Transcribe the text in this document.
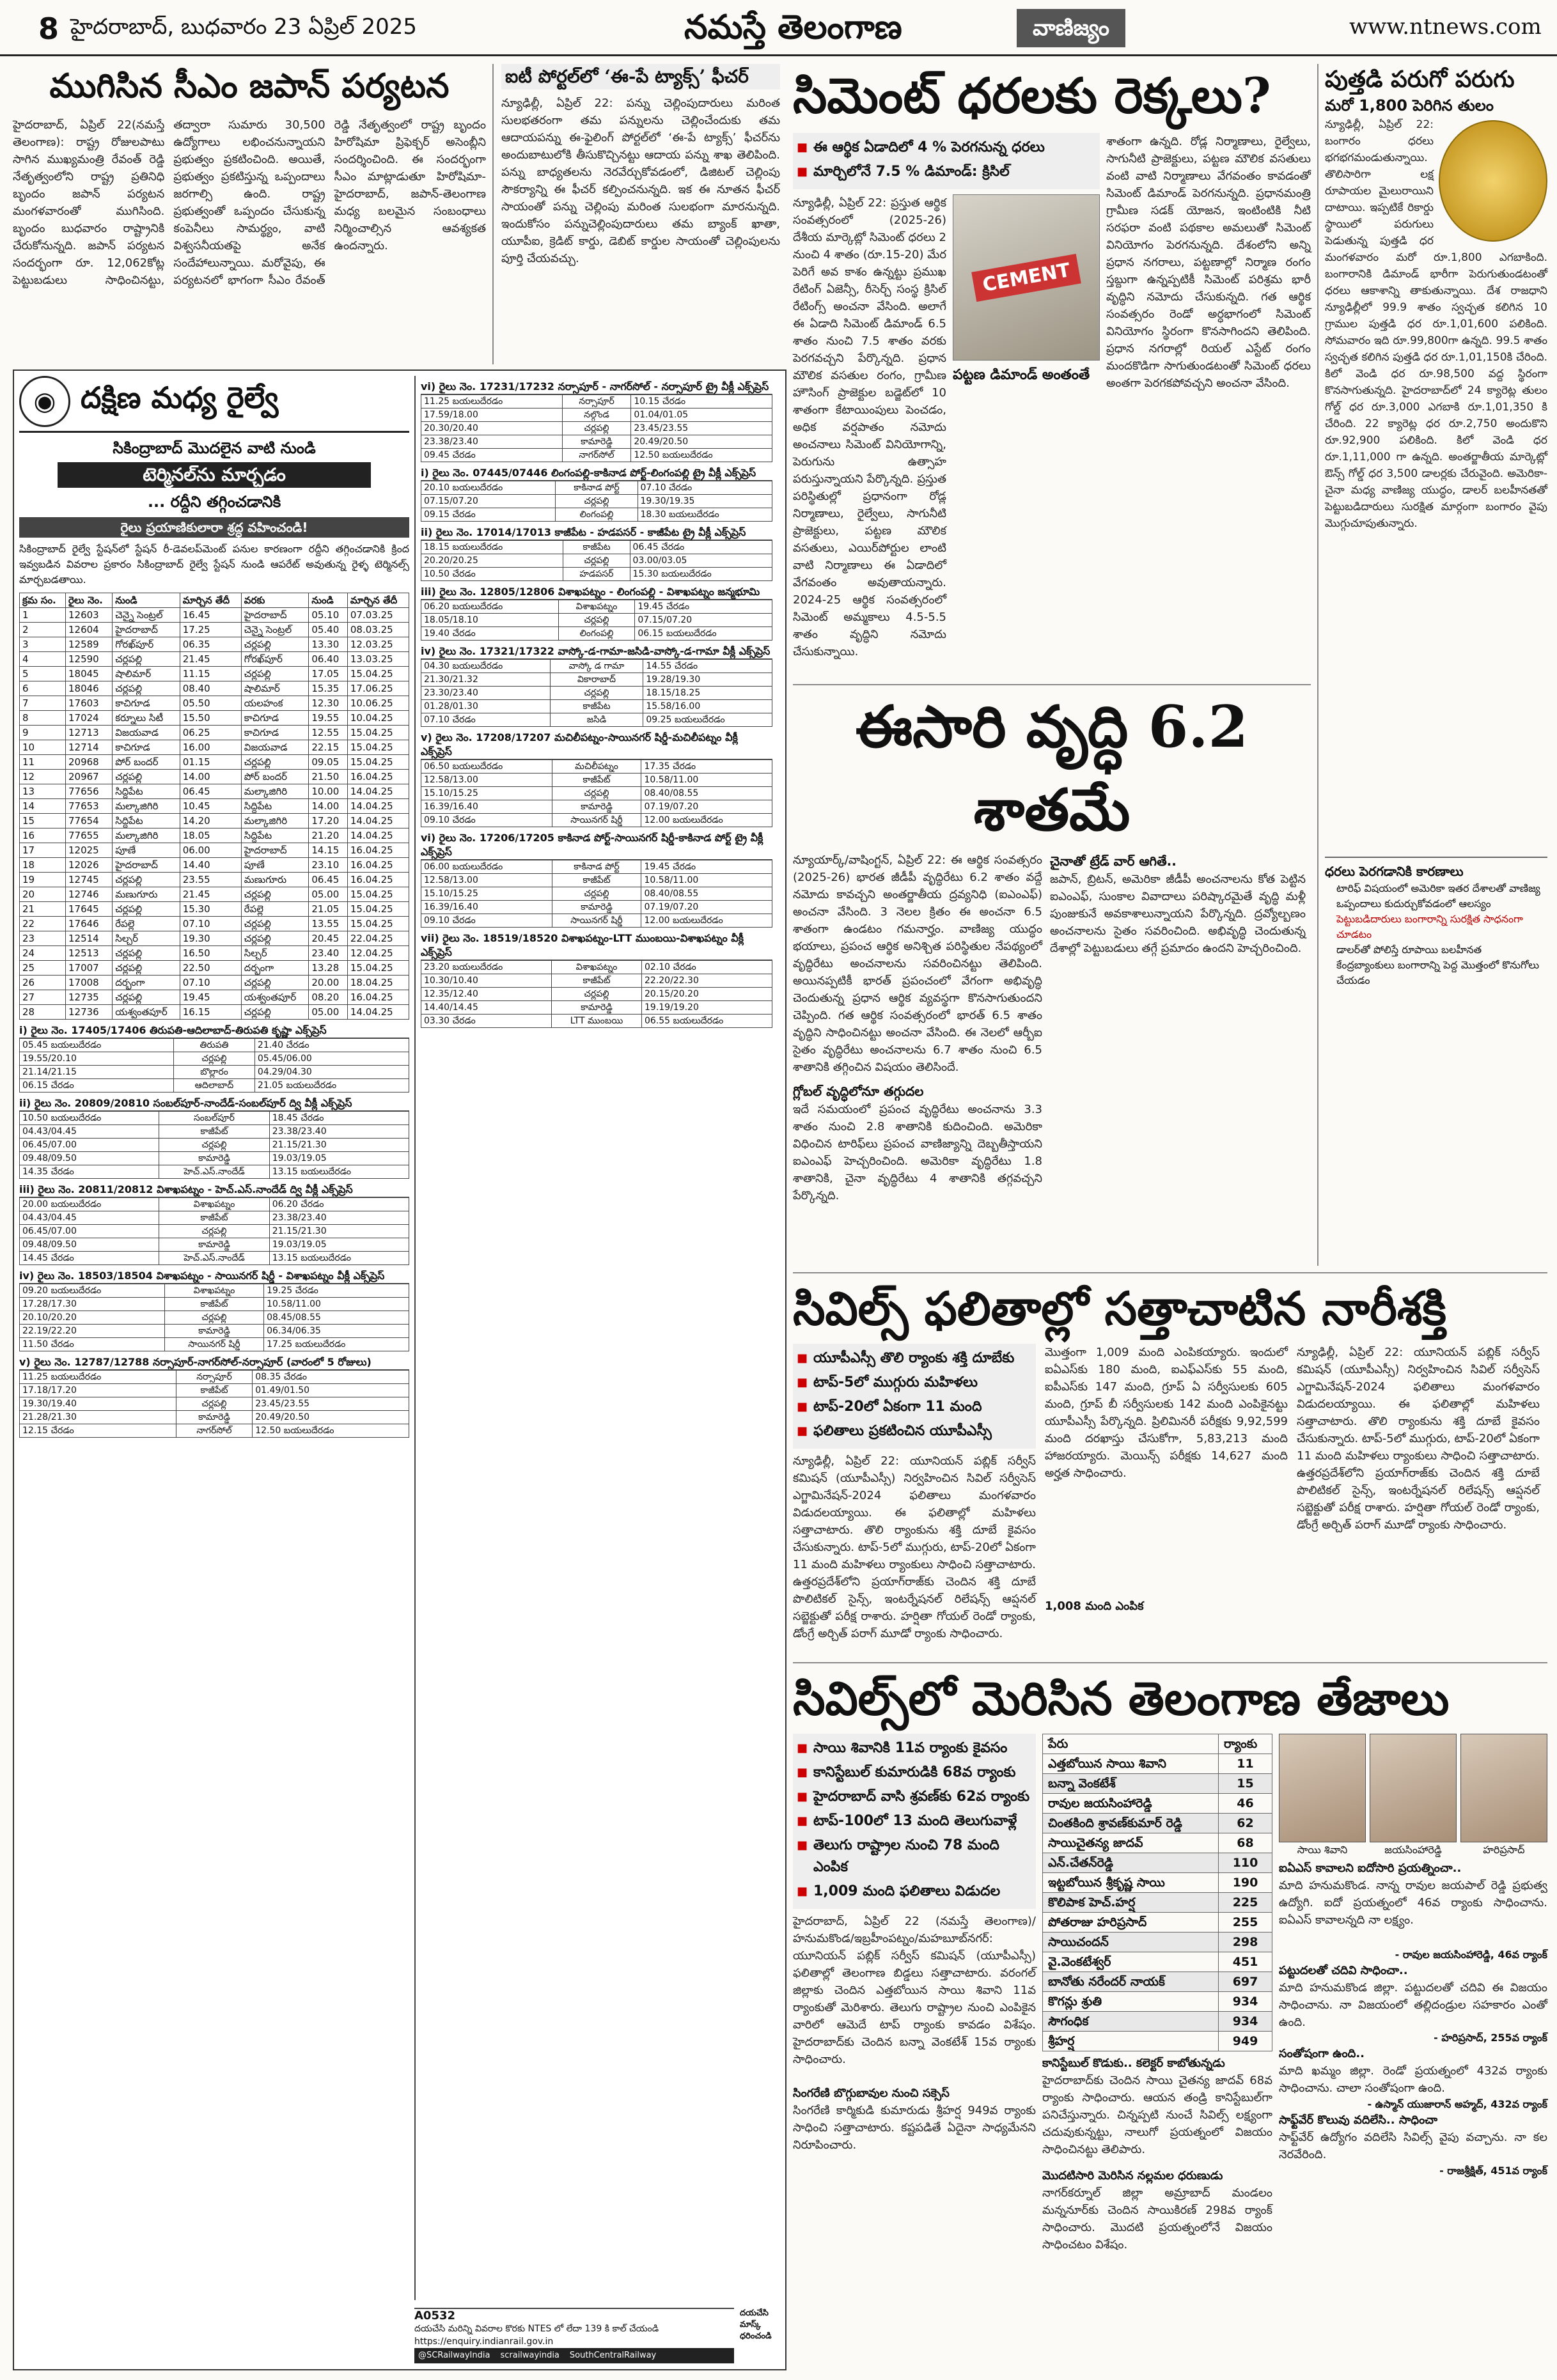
8 హైదరాబాద్, బుధవారం 23 ఏప్రిల్ 2025	నమస్తే తెలంగాణ	వాణిజ్యం	www.ntnews.com
ముగిసిన సీఎం జపాన్ పర్యటన
హైదరాబాద్, ఏప్రిల్ 22(నమస్తే తెలంగాణ): రాష్ట్ర రోజులపాటు సాగిన ముఖ్యమంత్రి రేవంత్ రెడ్డి నేతృత్వంలోని రాష్ట్ర ప్రతినిధి బృందం జపాన్ పర్యటన మంగళవారంతో ముగిసింది. బృందం బుధవారం రాష్ట్రానికి చేరుకోనున్నది. జపాన్ పర్యటన సందర్భంగా రూ. 12,062కోట్ల పెట్టుబడులు సాధించినట్టు, తద్వారా సుమారు 30,500 ఉద్యోగాలు లభించనున్నాయని ప్రభుత్వం ప్రకటించింది. అయితే, ప్రభుత్వం ప్రకటిస్తున్న ఒప్పందాలు జరగాల్సి ఉంది. రాష్ట్ర ప్రభుత్వంతో ఒప్పందం చేసుకున్న కంపెనీలు సామర్థ్యం, వాటి విశ్వసనీయతపై అనేక సందేహాలున్నాయి. మరోవైపు, ఈ పర్యటనలో భాగంగా సీఎం రేవంత్ రెడ్డి నేతృత్వంలో రాష్ట్ర బృందం హిరోషిమా ప్రిఫెక్చర్ అసెంబ్లీని సందర్శించింది. ఈ సందర్భంగా సీఎం మాట్లాడుతూ హిరోషిమా-హైదరాబాద్, జపాన్-తెలంగాణ మధ్య బలమైన సంబంధాలు నిర్మించాల్సిన ఆవశ్యకత ఉందన్నారు.
ఐటీ పోర్టల్‌లో ‘ఈ-పే ట్యాక్స్’ ఫీచర్
న్యూఢిల్లీ, ఏప్రిల్ 22: పన్ను చెల్లింపుదారులు మరింత సులభతరంగా తమ పన్నులను చెల్లించేందుకు తమ ఆదాయపన్ను ఈ-ఫైలింగ్ పోర్టల్‌లో ‘ఈ-పే ట్యాక్స్’ ఫీచర్‌ను అందుబాటులోకి తీసుకొచ్చినట్టు ఆదాయ పన్ను శాఖ తెలిపింది. పన్ను బాధ్యతలను నెరవేర్చుకోవడంలో, డిజిటల్ చెల్లింపు సౌకర్యాన్ని ఈ ఫీచర్ కల్పించనున్నది. ఇక ఈ నూతన ఫీచర్ సాయంతో పన్ను చెల్లింపు మరింత సులభంగా మారనున్నది. ఇందుకోసం పన్నుచెల్లింపుదారులు తమ బ్యాంక్ ఖాతా, యూపీఐ, క్రెడిట్ కార్డు, డెబిట్ కార్డుల సాయంతో చెల్లింపులను పూర్తి చేయవచ్చు.
◉ దక్షిణ మధ్య రైల్వే
సికింద్రాబాద్ మొదలైన వాటి నుండి
టెర్మినల్‌ను మార్చడం
... రద్దీని తగ్గించడానికి
రైలు ప్రయాణికులారా శ్రద్ధ వహించండి!
సికింద్రాబాద్ రైల్వే స్టేషన్‌లో స్టేషన్ రీ-డెవలప్‌మెంట్ పనుల కారణంగా రద్దీని తగ్గించడానికి క్రింద ఇవ్వబడిన వివరాల ప్రకారం సికింద్రాబాద్ రైల్వే స్టేషన్ నుండి ఆపరేట్ అవుతున్న రైళ్ళ టెర్మినల్స్ మార్చబడతాయి.
క్రమ సం.	రైలు నెం.	నుండి	మార్చిన తేదీ	వరకు	నుండి	మార్చిన తేదీ
1	12603	చెన్నై సెంట్రల్	16.45	హైదరాబాద్	05.10	07.03.25
2	12604	హైదరాబాద్	17.25	చెన్నై సెంట్రల్	05.40	08.03.25
3	12589	గోరఖ్‌పూర్	06.35	చర్లపల్లి	13.30	12.03.25
4	12590	చర్లపల్లి	21.45	గోరఖ్‌పూర్	06.40	13.03.25
5	18045	షాలిమార్	11.15	చర్లపల్లి	17.05	15.04.25
6	18046	చర్లపల్లి	08.40	షాలిమార్	15.35	17.06.25
7	17603	కాచిగూడ	05.50	యలహంక	12.30	10.06.25
8	17024	కర్నూలు సిటీ	15.50	కాచిగూడ	19.55	10.04.25
9	12713	విజయవాడ	06.25	కాచిగూడ	12.55	15.04.25
10	12714	కాచిగూడ	16.00	విజయవాడ	22.15	15.04.25
11	20968	పోర్ బందర్	01.15	చర్లపల్లి	09.05	15.04.25
12	20967	చర్లపల్లి	14.00	పోర్ బందర్	21.50	16.04.25
13	77656	సిద్దిపేట	06.45	మల్కాజిగిరి	10.00	14.04.25
14	77653	మల్కాజిగిరి	10.45	సిద్దిపేట	14.00	14.04.25
15	77654	సిద్దిపేట	14.20	మల్కాజిగిరి	17.20	14.04.25
16	77655	మల్కాజిగిరి	18.05	సిద్దిపేట	21.20	14.04.25
17	12025	పూణే	06.00	హైదరాబాద్	14.15	16.04.25
18	12026	హైదరాబాద్	14.40	పూణే	23.10	16.04.25
19	12745	చర్లపల్లి	23.55	మణుగూరు	06.45	16.04.25
20	12746	మణుగూరు	21.45	చర్లపల్లి	05.00	15.04.25
21	17645	చర్లపల్లి	15.30	రేపల్లె	21.05	15.04.25
22	17646	రేపల్లె	07.10	చర్లపల్లి	13.55	15.04.25
23	12514	సిల్చర్	19.30	చర్లపల్లి	20.45	22.04.25
24	12513	చర్లపల్లి	16.50	సిల్చర్	23.40	12.04.25
25	17007	చర్లపల్లి	22.50	దర్భంగా	13.28	15.04.25
26	17008	దర్భంగా	07.10	చర్లపల్లి	20.00	18.04.25
27	12735	చర్లపల్లి	19.45	యశ్వంతపూర్	08.20	16.04.25
28	12736	యశ్వంతపూర్	16.15	చర్లపల్లి	05.00	14.04.25
i) రైలు నెం. 17405/17406 తిరుపతి-ఆదిలాబాద్-తిరుపతి కృష్ణా ఎక్స్‌ప్రెస్
05.45 బయలుదేరడం	తిరుపతి	21.40 చేరడం
19.55/20.10	చర్లపల్లి	05.45/06.00
21.14/21.15	బొల్లారం	04.29/04.30
06.15 చేరడం	ఆదిలాబాద్	21.05 బయలుదేరడం
ii) రైలు నెం. 20809/20810 సంబల్‌పూర్-నాందేడ్-సంబల్‌పూర్ ద్వి వీక్లీ ఎక్స్‌ప్రెస్
10.50 బయలుదేరడం	సంబల్‌పూర్	18.45 చేరడం
04.43/04.45	కాజీపేట్	23.38/23.40
06.45/07.00	చర్లపల్లి	21.15/21.30
09.48/09.50	కామారెడ్డి	19.03/19.05
14.35 చేరడం	హెచ్.ఎస్.నాందేడ్	13.15 బయలుదేరడం
iii) రైలు నెం. 20811/20812 విశాఖపట్నం - హెచ్.ఎస్.నాందేడ్ ద్వి వీక్లీ ఎక్స్‌ప్రెస్
20.00 బయలుదేరడం	విశాఖపట్నం	06.20 చేరడం
04.43/04.45	కాజీపేట్	23.38/23.40
06.45/07.00	చర్లపల్లి	21.15/21.30
09.48/09.50	కామారెడ్డి	19.03/19.05
14.45 చేరడం	హెచ్.ఎస్.నాందేడ్	13.15 బయలుదేరడం
iv) రైలు నెం. 18503/18504 విశాఖపట్నం - సాయినగర్ షిర్డీ - విశాఖపట్నం వీక్లీ ఎక్స్‌ప్రెస్
09.20 బయలుదేరడం	విశాఖపట్నం	19.25 చేరడం
17.28/17.30	కాజీపేట్	10.58/11.00
20.10/20.20	చర్లపల్లి	08.45/08.55
22.19/22.20	కామారెడ్డి	06.34/06.35
11.50 చేరడం	సాయినగర్ షిర్డీ	17.25 బయలుదేరడం
v) రైలు నెం. 12787/12788 నర్సాపూర్-నాగర్‌సోల్-నర్సాపూర్ (వారంలో 5 రోజులు)
11.25 బయలుదేరడం	నర్సాపూర్	08.35 చేరడం
17.18/17.20	కాజీపేట్	01.49/01.50
19.30/19.40	చర్లపల్లి	23.45/23.55
21.28/21.30	కామారెడ్డి	20.49/20.50
12.15 చేరడం	నాగర్‌సోల్	12.50 బయలుదేరడం
vi) రైలు నెం. 17231/17232 నర్సాపూర్ - నాగర్‌సోల్ - నర్సాపూర్ ట్రై వీక్లీ ఎక్స్‌ప్రెస్
11.25 బయలుదేరడం	నర్సాపూర్	10.15 చేరడం
17.59/18.00	నల్గొండ	01.04/01.05
20.30/20.40	చర్లపల్లి	23.45/23.55
23.38/23.40	కామారెడ్డి	20.49/20.50
09.45 చేరడం	నాగర్‌సోల్	12.50 బయలుదేరడం
i) రైలు నెం. 07445/07446 లింగంపల్లి-కాకినాడ పోర్ట్-లింగంపల్లి ట్రై వీక్లీ ఎక్స్‌ప్రెస్
20.10 బయలుదేరడం	కాకినాడ పోర్ట్	07.10 చేరడం
07.15/07.20	చర్లపల్లి	19.30/19.35
09.15 చేరడం	లింగంపల్లి	18.30 బయలుదేరడం
ii) రైలు నెం. 17014/17013 కాజీపేట - హడపసర్ - కాజీపేట ట్రై వీక్లీ ఎక్స్‌ప్రెస్
18.15 బయలుదేరడం	కాజీపేట	06.45 చేరడం
20.20/20.25	చర్లపల్లి	03.00/03.05
10.50 చేరడం	హడపసర్	15.30 బయలుదేరడం
iii) రైలు నెం. 12805/12806 విశాఖపట్నం - లింగంపల్లి - విశాఖపట్నం జన్మభూమి
06.20 బయలుదేరడం	విశాఖపట్నం	19.45 చేరడం
18.05/18.10	చర్లపల్లి	07.15/07.20
19.40 చేరడం	లింగంపల్లి	06.15 బయలుదేరడం
iv) రైలు నెం. 17321/17322 వాస్కో-డ-గామా-జసిడి-వాస్కో-డ-గామా వీక్లీ ఎక్స్‌ప్రెస్
04.30 బయలుదేరడం	వాస్కో డ గామా	14.55 చేరడం
21.30/21.32	వికారాబాద్	19.28/19.30
23.30/23.40	చర్లపల్లి	18.15/18.25
01.28/01.30	కాజీపేట	15.58/16.00
07.10 చేరడం	జసిడి	09.25 బయలుదేరడం
v) రైలు నెం. 17208/17207 మచిలీపట్నం-సాయినగర్ షిర్డీ-మచిలీపట్నం వీక్లీ ఎక్స్‌ప్రెస్
06.50 బయలుదేరడం	మచిలీపట్నం	17.35 చేరడం
12.58/13.00	కాజీపేట్	10.58/11.00
15.10/15.25	చర్లపల్లి	08.40/08.55
16.39/16.40	కామారెడ్డి	07.19/07.20
09.10 చేరడం	సాయినగర్ షిర్డీ	12.00 బయలుదేరడం
vi) రైలు నెం. 17206/17205 కాకినాడ పోర్ట్-సాయినగర్ షిర్డీ-కాకినాడ పోర్ట్ ట్రై వీక్లీ ఎక్స్‌ప్రెస్
06.00 బయలుదేరడం	కాకినాడ పోర్ట్	19.45 చేరడం
12.58/13.00	కాజీపేట్	10.58/11.00
15.10/15.25	చర్లపల్లి	08.40/08.55
16.39/16.40	కామారెడ్డి	07.19/07.20
09.10 చేరడం	సాయినగర్ షిర్డీ	12.00 బయలుదేరడం
vii) రైలు నెం. 18519/18520 విశాఖపట్నం-LTT ముంబయి-విశాఖపట్నం వీక్లీ ఎక్స్‌ప్రెస్
23.20 బయలుదేరడం	విశాఖపట్నం	02.10 చేరడం
10.30/10.40	కాజీపేట్	22.20/22.30
12.35/12.40	చర్లపల్లి	20.15/20.20
14.40/14.45	కామారెడ్డి	19.19/19.20
03.30 చేరడం	LTT ముంబయి	06.55 బయలుదేరడం
A0532
దయచేసి మరిన్ని వివరాల కొరకు NTES లో లేదా 139 కి కాల్ చేయండి https://enquiry.indianrail.gov.in
@SCRailwayIndia scrailwayindia SouthCentralRailway
దయచేసి మాస్క్ ధరించండి
సిమెంట్ ధరలకు రెక్కలు?
■ ఈ ఆర్థిక ఏడాదిలో 4 % పెరగనున్న ధరలు
■ మార్చిలోనే 7.5 % డిమాండ్: క్రిసిల్
న్యూఢిల్లీ, ఏప్రిల్ 22: ప్రస్తుత ఆర్థిక సంవత్సరంలో (2025-26) దేశీయ మార్కెట్లో సిమెంట్ ధరలు 2 నుంచి 4 శాతం (రూ.15-20) మేర పెరిగే అవ కాశం ఉన్నట్టు ప్రముఖ రేటింగ్ ఏజెన్సీ, రీసెర్చ్ సంస్థ క్రిసిల్ రేటింగ్స్ అంచనా వేసింది. అలాగే ఈ ఏడాది సిమెంట్ డిమాండ్ 6.5 శాతం నుంచి 7.5 శాతం వరకు పెరగవచ్చని పేర్కొన్నది. ప్రధాన మౌలిక వసతుల రంగం, గ్రామీణ హౌసింగ్ ప్రాజెక్టుల బడ్జెట్‌లో 10 శాతంగా కేటాయింపులు పెంచడం, అధిక వర్షపాతం నమోదు అంచనాలు సిమెంట్ వినియోగాన్ని, పెరుగును ఉత్సాహ పరుస్తున్నాయని పేర్కొన్నది. ప్రస్తుత పరిస్థితుల్లో ప్రధానంగా రోడ్ల నిర్మాణాలు, రైల్వేలు, సాగునీటి ప్రాజెక్టులు, పట్టణ మౌలిక వసతులు, ఎయిర్‌పోర్టుల లాంటి వాటి నిర్మాణాలు ఈ ఏడాదిలో వేగవంతం అవుతాయన్నారు. 2024-25 ఆర్థిక సంవత్సరంలో సిమెంట్ అమ్మకాలు 4.5-5.5 శాతం వృద్ధిని నమోదు చేసుకున్నాయి.
CEMENT
పట్టణ డిమాండ్ అంతంతే
శాతంగా ఉన్నది. రోడ్ల నిర్మాణాలు, రైల్వేలు, సాగునీటి ప్రాజెక్టులు, పట్టణ మౌలిక వసతులు వంటి వాటి నిర్మాణాలు వేగవంతం కావడంతో సిమెంట్ డిమాండ్ పెరగనున్నది. ప్రధానమంత్రి గ్రామీణ సడక్ యోజన, ఇంటింటికి నీటి సరఫరా వంటి పథకాల అమలుతో సిమెంట్ వినియోగం పెరగనున్నది. దేశంలోని అన్ని ప్రధాన నగరాలు, పట్టణాల్లో నిర్మాణ రంగం స్తబ్దుగా ఉన్నప్పటికీ సిమెంట్ పరిశ్రమ భారీ వృద్ధిని నమోదు చేసుకున్నది. గత ఆర్థిక సంవత్సరం రెండో అర్ధభాగంలో సిమెంట్ వినియోగం స్థిరంగా కొనసాగిందని తెలిపింది. ప్రధాన నగరాల్లో రియల్ ఎస్టేట్ రంగం మందకొడిగా సాగుతుండటంతో సిమెంట్ ధరలు అంతగా పెరగకపోవచ్చని అంచనా వేసింది.
పుత్తడి పరుగో పరుగు
మరో 1,800 పెరిగిన తులం
న్యూఢిల్లీ, ఏప్రిల్ 22: బంగారం ధరలు భగభగమండుతున్నాయి. తొలిసారిగా లక్ష రూపాయల మైలురాయిని దాటాయి. ఇప్పటికే రికార్డు స్థాయిలో పరుగులు పెడుతున్న పుత్తడి ధర మంగళవారం మరో రూ.1,800 ఎగబాకింది. బంగారానికి డిమాండ్ భారీగా పెరుగుతుండటంతో ధరలు ఆకాశాన్ని తాకుతున్నాయి. దేశ రాజధాని న్యూఢిల్లీలో 99.9 శాతం స్వచ్ఛత కలిగిన 10 గ్రాముల పుత్తడి ధర రూ.1,01,600 పలికింది. సోమవారం ఇది రూ.99,800గా ఉన్నది. 99.5 శాతం స్వచ్ఛత కలిగిన పుత్తడి ధర రూ.1,01,150కి చేరింది. కిలో వెండి ధర రూ.98,500 వద్ద స్థిరంగా కొనసాగుతున్నది. హైదరాబాద్‌లో 24 క్యారెట్ల తులం గోల్డ్ ధర రూ.3,000 ఎగబాకి రూ.1,01,350 కి చేరింది. 22 క్యారెట్ల ధర రూ.2,750 అందుకొని రూ.92,900 పలికింది. కిలో వెండి ధర రూ.1,11,000 గా ఉన్నది. అంతర్జాతీయ మార్కెట్లో ఔన్స్ గోల్డ్ ధర 3,500 డాలర్లకు చేరువైంది. అమెరికా-చైనా మధ్య వాణిజ్య యుద్ధం, డాలర్ బలహీనతతో పెట్టుబడిదారులు సురక్షిత మార్గంగా బంగారం వైపు మొగ్గుచూపుతున్నారు.
ధరలు పెరగడానికి కారణాలు
టారిఫ్ విషయంలో అమెరికా ఇతర దేశాలతో వాణిజ్య ఒప్పందాలు కుదుర్చుకోవడంలో ఆలస్యం
పెట్టుబడిదారులు బంగారాన్ని సురక్షిత సాధనంగా చూడటం
డాలర్‌తో పోలిస్తే రూపాయి బలహీనత
కేంద్రబ్యాంకులు బంగారాన్ని పెద్ద మొత్తంలో కొనుగోలు చేయడం
ఈసారి వృద్ధి 6.2 శాతమే
న్యూయార్క్/వాషింగ్టన్, ఏప్రిల్ 22: ఈ ఆర్థిక సంవత్సరం (2025-26) భారత జీడీపీ వృద్ధిరేటు 6.2 శాతం వద్దే నమోదు కావచ్చని అంతర్జాతీయ ద్రవ్యనిధి (ఐఎంఎఫ్) అంచనా వేసింది. 3 నెలల క్రితం ఈ అంచనా 6.5 శాతంగా ఉండటం గమనార్హం. వాణిజ్య యుద్ధం భయాలు, ప్రపంచ ఆర్థిక అనిశ్చిత పరిస్థితుల నేపథ్యంలో వృద్ధిరేటు అంచనాలను సవరించినట్టు తెలిపింది. అయినప్పటికీ భారత్ ప్రపంచంలో వేగంగా అభివృద్ధి చెందుతున్న ప్రధాన ఆర్థిక వ్యవస్థగా కొనసాగుతుందని చెప్పింది. గత ఆర్థిక సంవత్సరంలో భారత్ 6.5 శాతం వృద్ధిని సాధించినట్టు అంచనా వేసింది. ఈ నెలలో ఆర్బీఐ సైతం వృద్ధిరేటు అంచనాలను 6.7 శాతం నుంచి 6.5 శాతానికి తగ్గించిన విషయం తెలిసిందే.
గ్లోబల్ వృద్ధిలోనూ తగ్గుదల
ఇదే సమయంలో ప్రపంచ వృద్ధిరేటు అంచనాను 3.3 శాతం నుంచి 2.8 శాతానికి కుదించింది. అమెరికా విధించిన టారిఫ్‌లు ప్రపంచ వాణిజ్యాన్ని దెబ్బతీస్తాయని ఐఎంఎఫ్ హెచ్చరించింది. అమెరికా వృద్ధిరేటు 1.8 శాతానికి, చైనా వృద్ధిరేటు 4 శాతానికి తగ్గవచ్చని పేర్కొన్నది.
చైనాతో ట్రేడ్ వార్ ఆగితే..
జపాన్, బ్రిటన్, అమెరికా జీడీపీ అంచనాలను కోత పెట్టిన ఐఎంఎఫ్, సుంకాల వివాదాలు పరిష్కారమైతే వృద్ధి మళ్లీ పుంజుకునే అవకాశాలున్నాయని పేర్కొన్నది. ద్రవ్యోల్బణం అంచనాలను సైతం సవరించింది. అభివృద్ధి చెందుతున్న దేశాల్లో పెట్టుబడులు తగ్గే ప్రమాదం ఉందని హెచ్చరించింది.
సివిల్స్ ఫలితాల్లో సత్తాచాటిన నారీశక్తి
■ యూపీఎస్సీ తొలి ర్యాంకు శక్తి దూబేకు
■ టాప్-5లో ముగ్గురు మహిళలు
■ టాప్-20లో ఏకంగా 11 మంది
■ ఫలితాలు ప్రకటించిన యూపీఎస్సీ
న్యూఢిల్లీ, ఏప్రిల్ 22: యూనియన్ పబ్లిక్ సర్వీస్ కమిషన్ (యూపీఎస్సీ) నిర్వహించిన సివిల్ సర్వీసెస్ ఎగ్జామినేషన్-2024 ఫలితాలు మంగళవారం విడుదలయ్యాయి. ఈ ఫలితాల్లో మహిళలు సత్తాచాటారు. తొలి ర్యాంకును శక్తి దూబే కైవసం చేసుకున్నారు. టాప్-5లో ముగ్గురు, టాప్-20లో ఏకంగా 11 మంది మహిళలు ర్యాంకులు సాధించి సత్తాచాటారు. ఉత్తరప్రదేశ్‌లోని ప్రయాగ్‌రాజ్‌కు చెందిన శక్తి దూబే పొలిటికల్ సైన్స్, ఇంటర్నేషనల్ రిలేషన్స్ ఆప్షనల్ సబ్జెక్టుతో పరీక్ష రాశారు. హర్షితా గోయల్ రెండో ర్యాంకు, డోంగ్రే అర్చిత్ పరాగ్ మూడో ర్యాంకు సాధించారు.
మొత్తంగా 1,009 మంది ఎంపికయ్యారు. ఇందులో ఐఏఎస్‌కు 180 మంది, ఐఎఫ్ఎస్‌కు 55 మంది, ఐపీఎస్‌కు 147 మంది, గ్రూప్ ఏ సర్వీసులకు 605 మంది, గ్రూప్ బీ సర్వీసులకు 142 మంది ఎంపికైనట్టు యూపీఎస్సీ పేర్కొన్నది. ప్రిలిమినరీ పరీక్షకు 9,92,599 మంది దరఖాస్తు చేసుకోగా, 5,83,213 మంది హాజరయ్యారు. మెయిన్స్ పరీక్షకు 14,627 మంది అర్హత సాధించారు.
1,008 మంది ఎంపిక
న్యూఢిల్లీ, ఏప్రిల్ 22: యూనియన్ పబ్లిక్ సర్వీస్ కమిషన్ (యూపీఎస్సీ) నిర్వహించిన సివిల్ సర్వీసెస్ ఎగ్జామినేషన్-2024 ఫలితాలు మంగళవారం విడుదలయ్యాయి. ఈ ఫలితాల్లో మహిళలు సత్తాచాటారు. తొలి ర్యాంకును శక్తి దూబే కైవసం చేసుకున్నారు. టాప్-5లో ముగ్గురు, టాప్-20లో ఏకంగా 11 మంది మహిళలు ర్యాంకులు సాధించి సత్తాచాటారు. ఉత్తరప్రదేశ్‌లోని ప్రయాగ్‌రాజ్‌కు చెందిన శక్తి దూబే పొలిటికల్ సైన్స్, ఇంటర్నేషనల్ రిలేషన్స్ ఆప్షనల్ సబ్జెక్టుతో పరీక్ష రాశారు. హర్షితా గోయల్ రెండో ర్యాంకు, డోంగ్రే అర్చిత్ పరాగ్ మూడో ర్యాంకు సాధించారు.
సివిల్స్‌లో మెరిసిన తెలంగాణ తేజాలు
■ సాయి శివానికి 11వ ర్యాంకు కైవసం
■ కానిస్టేబుల్ కుమారుడికి 68వ ర్యాంకు
■ హైదరాబాద్ వాసి శ్రవణ్‌కు 62వ ర్యాంకు
■ టాప్-100లో 13 మంది తెలుగువాళ్లే
■ తెలుగు రాష్ట్రాల నుంచి 78 మంది ఎంపిక
■ 1,009 మంది ఫలితాలు విడుదల
హైదరాబాద్, ఏప్రిల్ 22 (నమస్తే తెలంగాణ)/హనుమకొండ/ఇబ్రహీంపట్నం/మహబూబ్‌నగర్: యూనియన్ పబ్లిక్ సర్వీస్ కమిషన్ (యూపీఎస్సీ) ఫలితాల్లో తెలంగాణ బిడ్డలు సత్తాచాటారు. వరంగల్ జిల్లాకు చెందిన ఎత్తబోయిన సాయి శివాని 11వ ర్యాంకుతో మెరిశారు. తెలుగు రాష్ట్రాల నుంచి ఎంపికైన వారిలో ఆమెదే టాప్ ర్యాంకు కావడం విశేషం. హైదరాబాద్‌కు చెందిన బన్నా వెంకటేశ్ 15వ ర్యాంకు సాధించారు.
సింగరేణి బొగ్గుబావుల నుంచి సక్సెస్
సింగరేణి కార్మికుడి కుమారుడు శ్రీహర్ష 949వ ర్యాంకు సాధించి సత్తాచాటారు. కష్టపడితే ఏదైనా సాధ్యమేనని నిరూపించారు.
పేరు	ర్యాంకు
ఎత్తబోయిన సాయి శివాని	11
బన్నా వెంకటేశ్	15
రావుల జయసింహారెడ్డి	46
చింతకింది శ్రావణ్‌కుమార్ రెడ్డి	62
సాయిచైతన్య జాదవ్	68
ఎన్.చేతన్‌రెడ్డి	110
ఇట్టబోయిన శ్రీకృష్ణ సాయి	190
కొలిపాక హెచ్.హర్ష	225
పోతరాజు హరిప్రసాద్	255
సాయిచందన్	298
వై.వెంకటేశ్వర్	451
బానోతు నరేందర్ నాయక్	697
కొగన్లు శ్రుతి	934
సౌగంధిక	934
శ్రీహర్ష	949
కానిస్టేబుల్ కొడుకు.. కలెక్టర్ కాబోతున్నడు
హైదరాబాద్‌కు చెందిన సాయి చైతన్య జాదవ్ 68వ ర్యాంకు సాధించారు. ఆయన తండ్రి కానిస్టేబుల్‌గా పనిచేస్తున్నారు. చిన్నప్పటి నుంచే సివిల్స్ లక్ష్యంగా చదువుకున్నట్టు, నాలుగో ప్రయత్నంలో విజయం సాధించినట్టు తెలిపారు.
మొదటిసారి మెరిసిన నల్లమల ధరుణుడు
నాగర్‌కర్నూల్ జిల్లా అమ్రాబాద్ మండలం మన్ననూర్‌కు చెందిన సాయికిరణ్ 298వ ర్యాంక్ సాధించారు. మొదటి ప్రయత్నంలోనే విజయం సాధించటం విశేషం.
సాయి శివాని	జయసింహారెడ్డి	హరిప్రసాద్
ఐఏఎస్ కావాలని ఐదోసారి ప్రయత్నించా..
మాది హనుమకొండ. నాన్న రావుల జయపాల్ రెడ్డి ప్రభుత్వ ఉద్యోగి. ఐదో ప్రయత్నంలో 46వ ర్యాంకు సాధించాను. ఐఏఎస్ కావాలన్నది నా లక్ష్యం.
- రావుల జయసింహారెడ్డి, 46వ ర్యాంక్
పట్టుదలతో చదివి సాధించా..
మాది హనుమకొండ జిల్లా. పట్టుదలతో చదివి ఈ విజయం సాధించాను. నా విజయంలో తల్లిదండ్రుల సహకారం ఎంతో ఉంది.
- హరిప్రసాద్, 255వ ర్యాంక్
సంతోషంగా ఉంది..
మాది ఖమ్మం జిల్లా. రెండో ప్రయత్నంలో 432వ ర్యాంకు సాధించాను. చాలా సంతోషంగా ఉంది.
- ఉస్మాన్ యుజారాన్ అహ్మద్, 432వ ర్యాంక్
సాఫ్ట్‌వేర్ కొలువు వదిలేసి.. సాధించా
సాఫ్ట్‌వేర్ ఉద్యోగం వదిలేసి సివిల్స్ వైపు వచ్చాను. నా కల నెరవేరింది.
- రాజశ్రీక్షిత్, 451వ ర్యాంక్
